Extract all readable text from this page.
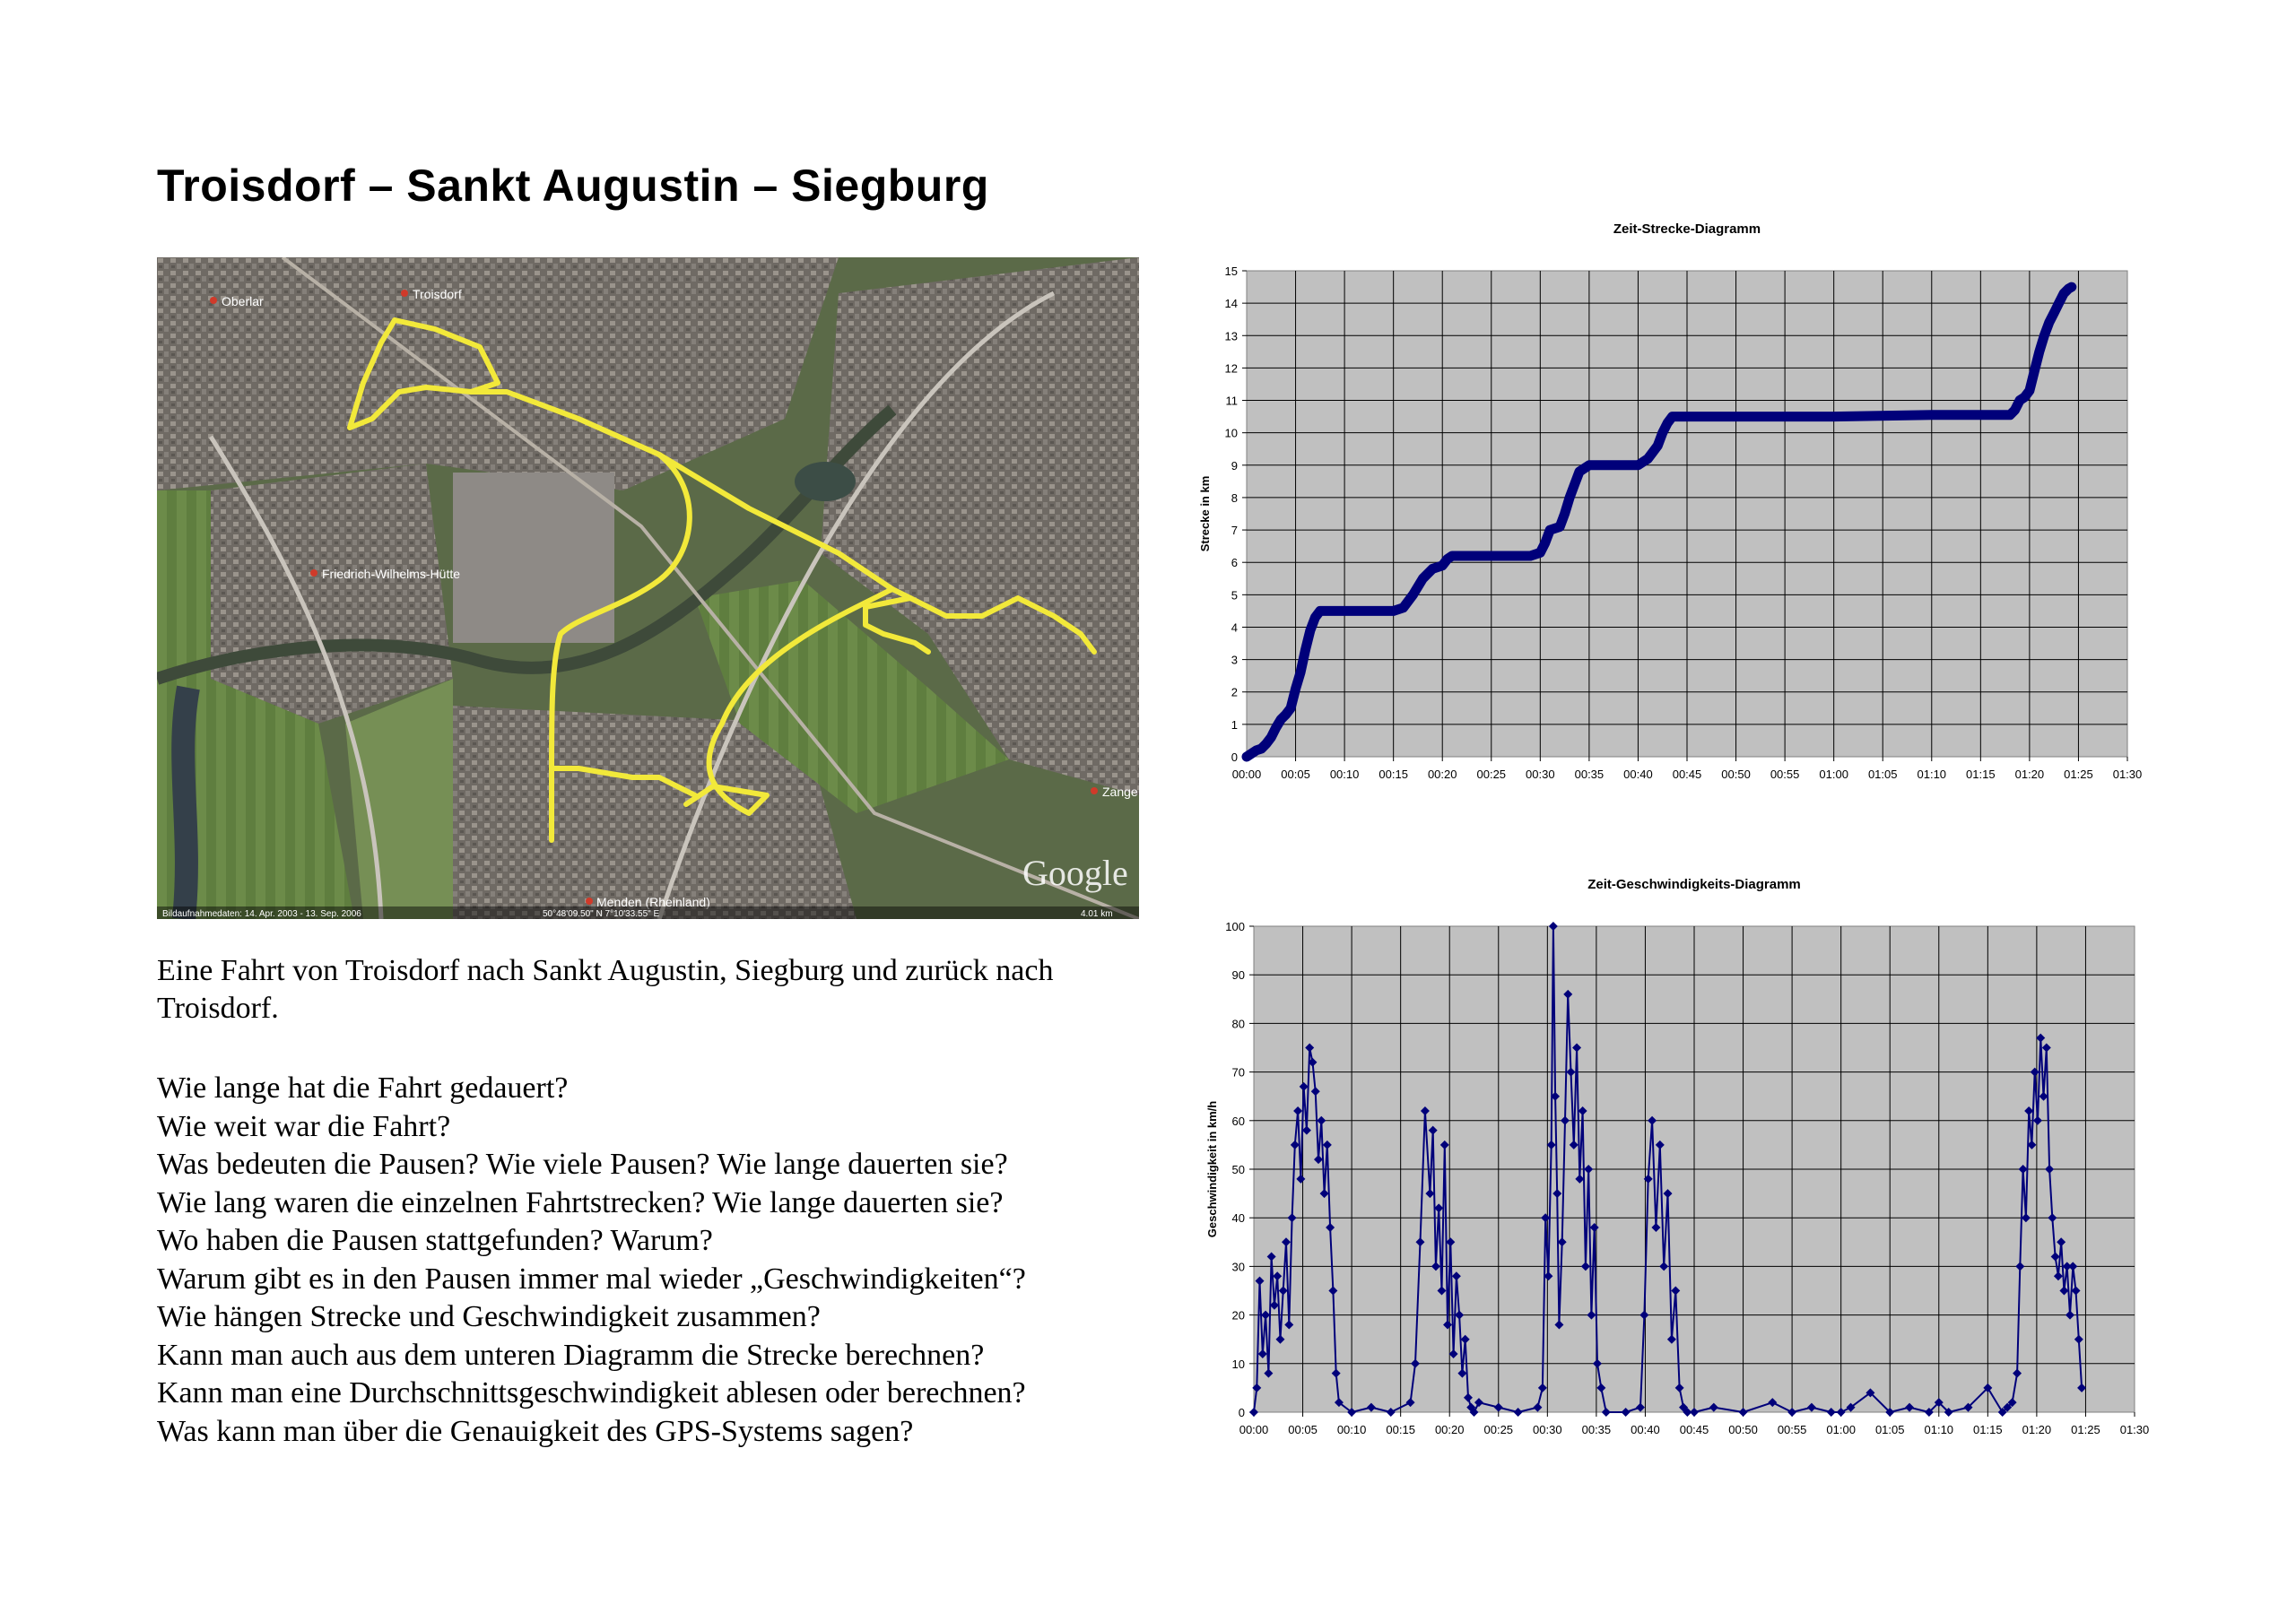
Troisdorf – Sankt Augustin – Siegburg
Oberlar	Troisdorf
Friedrich-Wilhelms-Hütte
Zange
Menden (Rheinland)
Google
Bildaufnahmedaten: 14. Apr. 2003 - 13. Sep. 2006	50°48'09.50" N 7°10'33.55" E	4.01 km

Eine Fahrt von Troisdorf nach Sankt Augustin, Siegburg und zurück nach Troisdorf.

Wie lange hat die Fahrt gedauert?
Wie weit war die Fahrt?
Was bedeuten die Pausen? Wie viele Pausen? Wie lange dauerten sie?
Wie lang waren die einzelnen Fahrtstrecken? Wie lange dauerten sie?
Wo haben die Pausen stattgefunden? Warum?
Warum gibt es in den Pausen immer mal wieder „Geschwindigkeiten“?
Wie hängen Strecke und Geschwindigkeit zusammen?
Kann man auch aus dem unteren Diagramm die Strecke berechnen?
Kann man eine Durchschnittsgeschwindigkeit ablesen oder berechnen?
Was kann man über die Genauigkeit des GPS-Systems sagen?
Zeit-Strecke-Diagramm
00:00 00:05 00:10 00:15 00:20 00:25 00:30 00:35 00:40 00:45 00:50 00:55 01:00 01:05 01:10 01:15 01:20 01:25 01:30
0
1
2
3
4
5
6
7
8
9
10
11
12
13
14
15
Strecke in km
Zeit-Geschwindigkeits-Diagramm
00:00 00:05 00:10 00:15 00:20 00:25 00:30 00:35 00:40 00:45 00:50 00:55 01:00 01:05 01:10 01:15 01:20 01:25 01:30
0
10
20
30
40
50
60
70
80
90
100
Geschwindigkeit in km/h
